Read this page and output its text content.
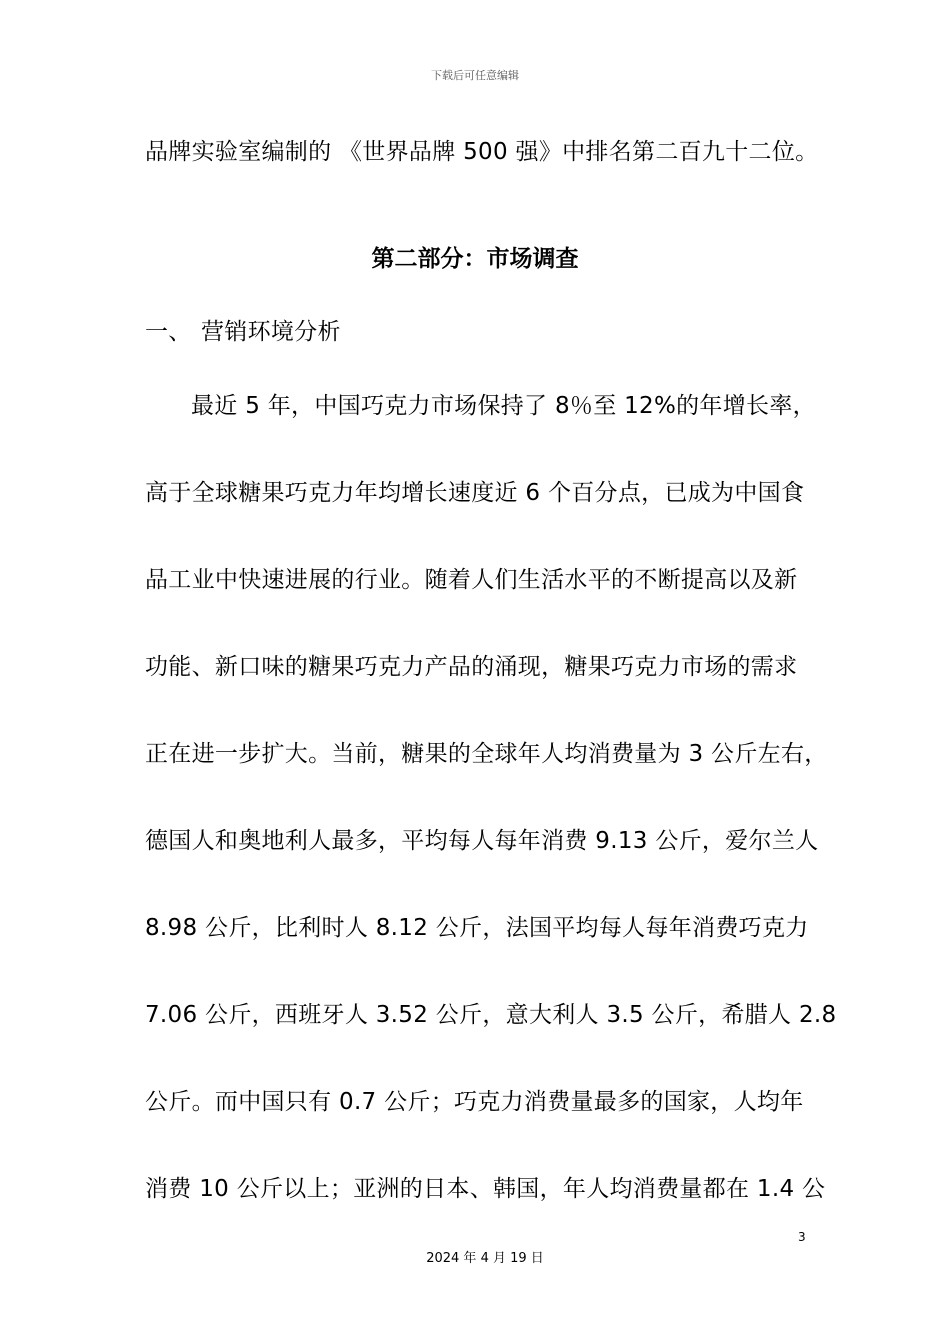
下载后可任意编辑
品牌实验室编制的 《世界品牌 500 强》中排名第二百九十二位。
第二部分：市场调查
一、 营销环境分析
最近 5 年，中国巧克力市场保持了 8％至 12%的年增长率，
高于全球糖果巧克力年均增长速度近 6 个百分点，已成为中国食
品工业中快速进展的行业。随着人们生活水平的不断提高以及新
功能、新口味的糖果巧克力产品的涌现，糖果巧克力市场的需求
正在进一步扩大。当前，糖果的全球年人均消费量为 3 公斤左右，
德国人和奥地利人最多，平均每人每年消费 9.13 公斤，爱尔兰人
8.98 公斤，比利时人 8.12 公斤，法国平均每人每年消费巧克力
7.06 公斤，西班牙人 3.52 公斤，意大利人 3.5 公斤，希腊人 2.8
公斤。而中国只有 0.7 公斤；巧克力消费量最多的国家，人均年
消费 10 公斤以上；亚洲的日本、韩国，年人均消费量都在 1.4 公
3
2024 年 4 月 19 日
